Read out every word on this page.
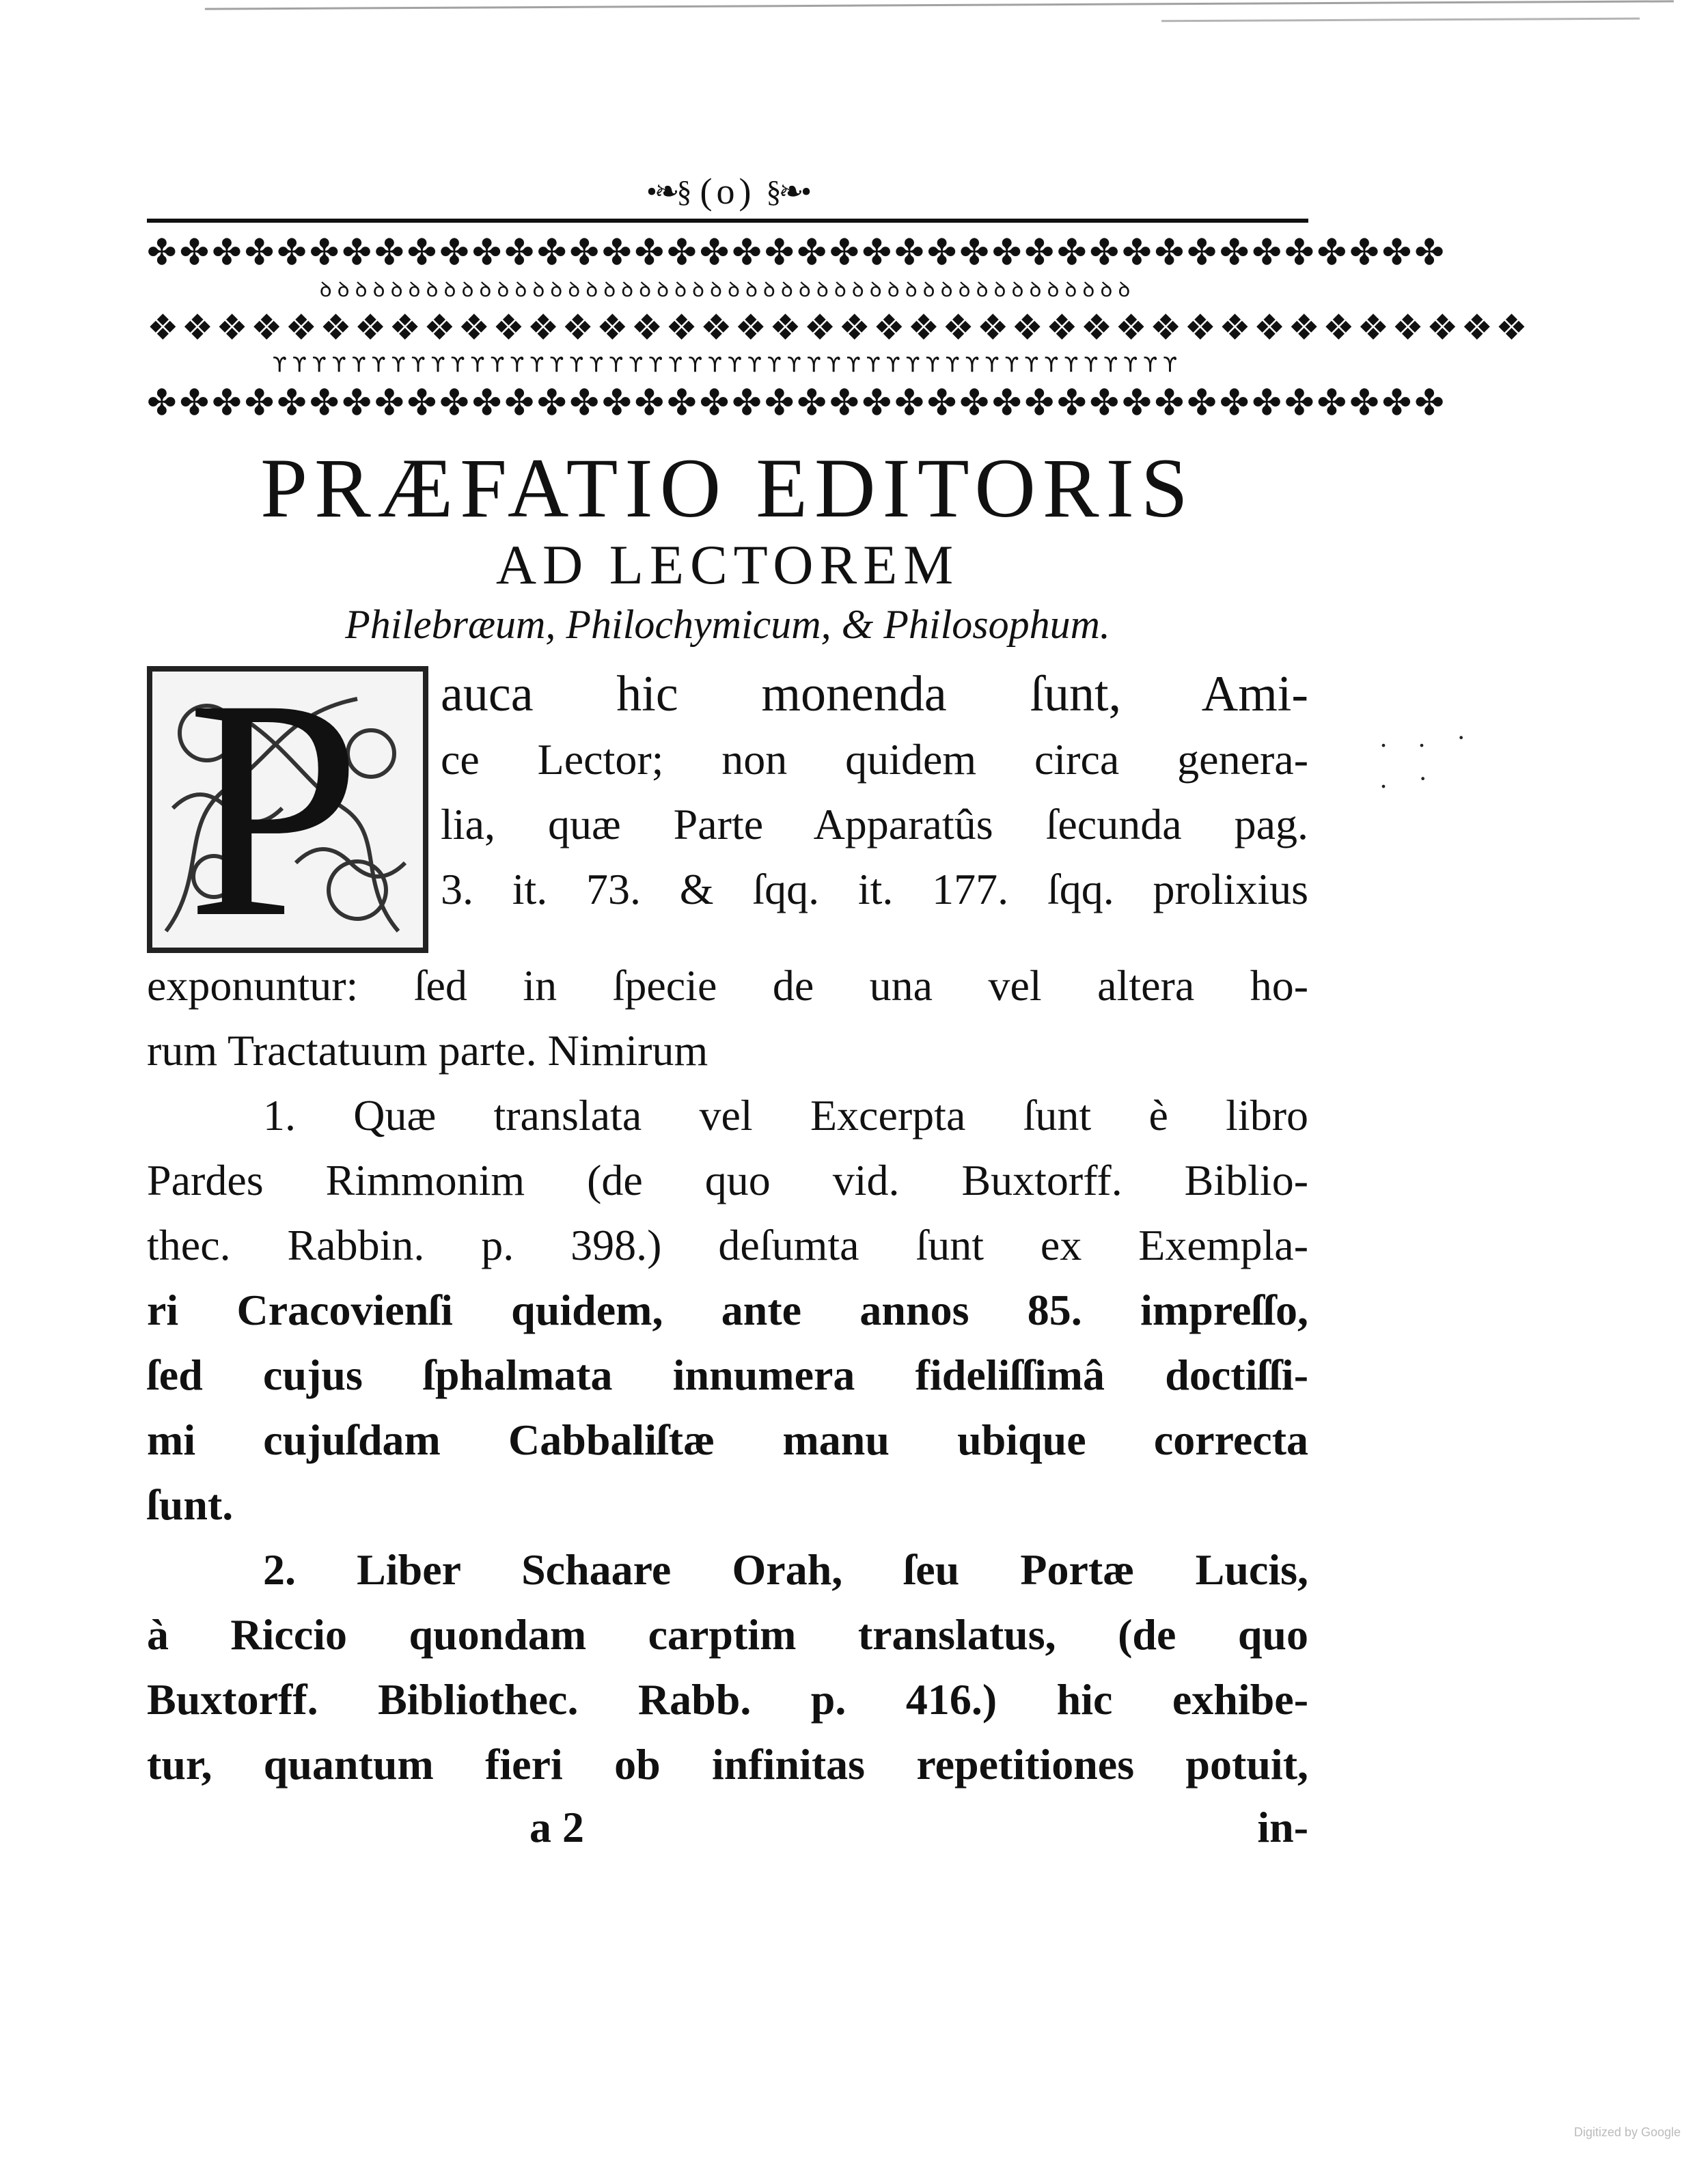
•❧§ (o) §❧•
✤✤✤✤✤✤✤✤✤✤✤✤✤✤✤✤✤✤✤✤✤✤✤✤✤✤✤✤✤✤✤✤✤✤✤✤✤✤✤✤
ꝺꝺꝺꝺꝺꝺꝺꝺꝺꝺꝺꝺꝺꝺꝺꝺꝺꝺꝺꝺꝺꝺꝺꝺꝺꝺꝺꝺꝺꝺꝺꝺꝺꝺꝺꝺꝺꝺꝺꝺꝺꝺꝺꝺꝺꝺ
❖❖❖❖❖❖❖❖❖❖❖❖❖❖❖❖❖❖❖❖❖❖❖❖❖❖❖❖❖❖❖❖❖❖❖❖❖❖❖❖
ϒϒϒϒϒϒϒϒϒϒϒϒϒϒϒϒϒϒϒϒϒϒϒϒϒϒϒϒϒϒϒϒϒϒϒϒϒϒϒϒϒϒϒϒϒϒ
✤✤✤✤✤✤✤✤✤✤✤✤✤✤✤✤✤✤✤✤✤✤✤✤✤✤✤✤✤✤✤✤✤✤✤✤✤✤✤✤
PRÆFATIO EDITORIS
AD LECTOREM
Philebræum, Philochymicum, & Philosophum.
P	auca hic monenda ſunt, Ami-
ce Lector; non quidem circa genera-
lia, quæ Parte Apparatûs ſecunda pag.
3. it. 73. & ſqq. it. 177. ſqq. prolixius
exponuntur: ſed in ſpecie de una vel altera ho-
rum Tractatuum parte. Nimirum
1. Quæ translata vel Excerpta ſunt è libro
Pardes Rimmonim (de quo vid. Buxtorff. Biblio-
thec. Rabbin. p. 398.) deſumta ſunt ex Exempla-
ri Cracovienſi quidem, ante annos 85. impreſſo,
ſed cujus ſphalmata innumera fideliſſimâ doctiſſi-
mi cujuſdam Cabbaliſtæ manu ubique correcta
ſunt.
2. Liber Schaare Orah, ſeu Portæ Lucis,
à Riccio quondam carptim translatus, (de quo
Buxtorff. Bibliothec. Rabb. p. 416.) hic exhibe-
tur, quantum fieri ob infinitas repetitiones potuit,
a 2	in-
. . ·
. ·
Digitized by Google
